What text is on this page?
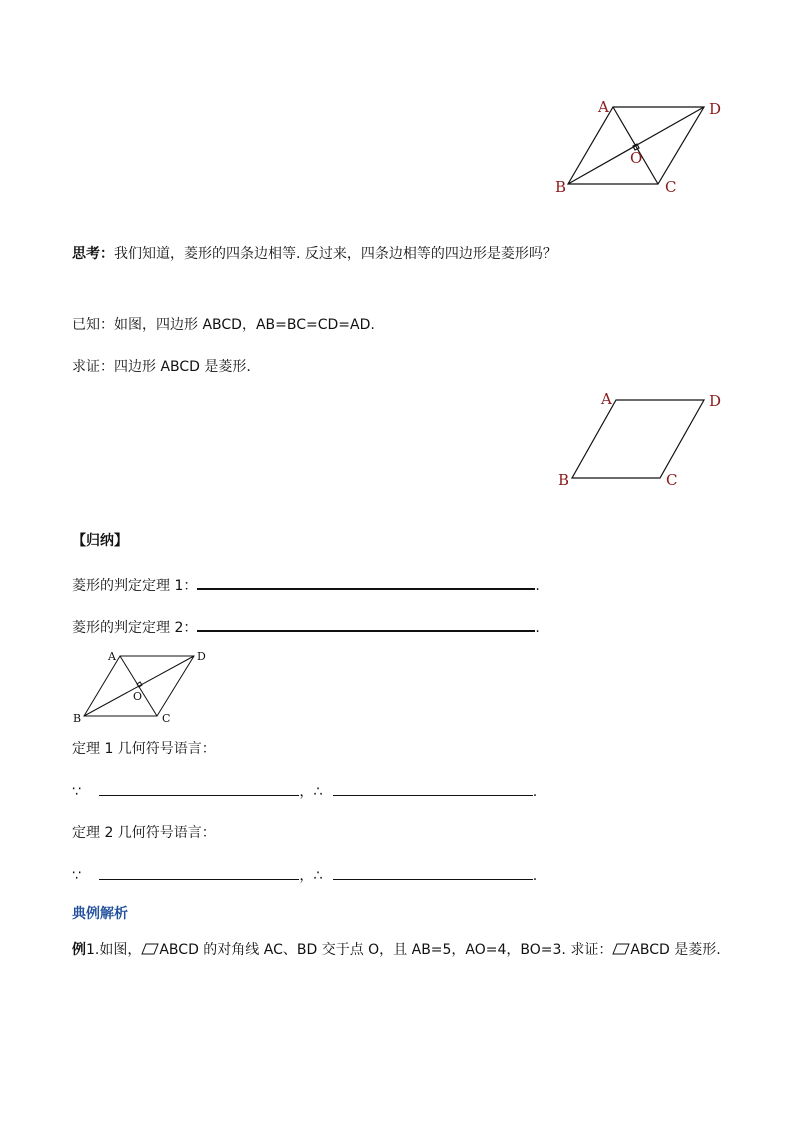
A	D
B	C
O
思考：我们知道，菱形的四条边相等. 反过来，四条边相等的四边形是菱形吗？
已知：如图，四边形 ABCD，AB=BC=CD=AD.
求证：四边形 ABCD 是菱形.
A	D
B	C
【归纳】
菱形的判定定理 1：	.
菱形的判定定理 2：	.
A	D
B	C
O
定理 1 几何符号语言：
∵	，∴	.
定理 2 几何符号语言：
∵	，∴	.
典例解析
例1.如图， ABCD 的对角线 AC、BD 交于点 O，且 AB=5，AO=4，BO=3. 求证： ABCD 是菱形.
